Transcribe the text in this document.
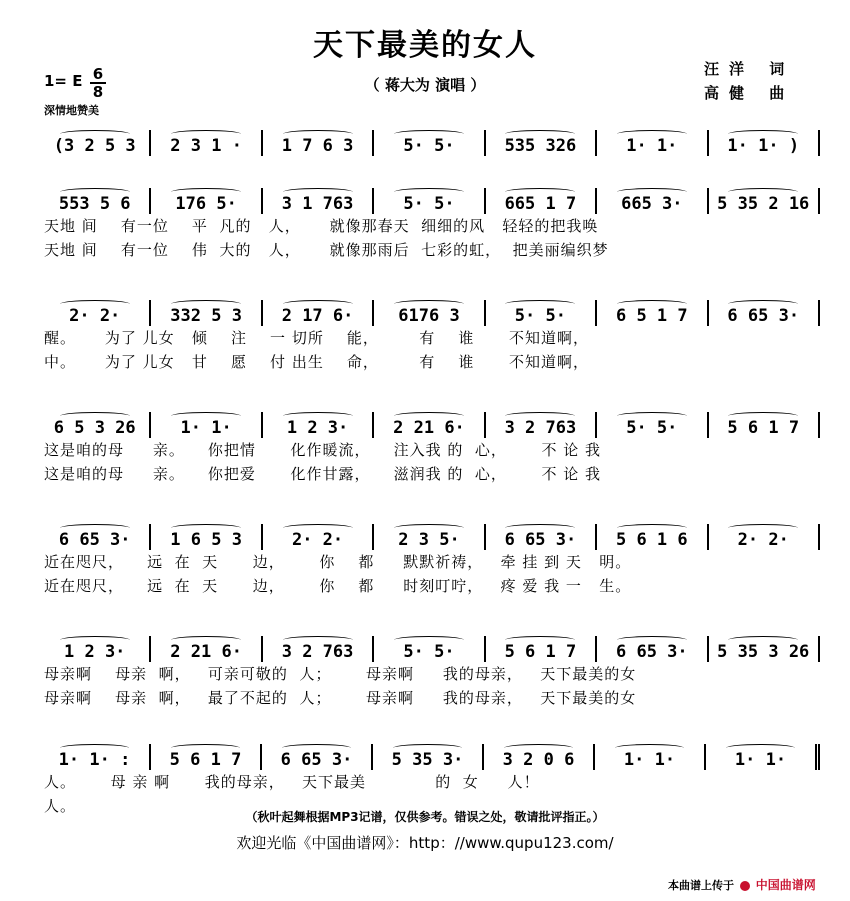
天下最美的女人
（ 蒋大为 演唱 ）
1= E 6
8
深情地赞美
汪洋 词
高健 曲
(3 2 5 3	2 3 1 ·	1 7 6 3	5· 5·	535 326	1· 1·	1· 1· )
553 5 6	176 5·	3 1 763	5· 5·	665 1 7	665 3·	5 35 2 16
天地 间    有一位    平  凡的   人，     就像那春天  细细的风   轻轻的把我唤
天地 间    有一位    伟  大的   人，     就像那雨后  七彩的虹，  把美丽编织梦
2· 2·	332 5 3	2 17 6·	6176 3	5· 5·	6 5 1 7	6 65 3·
醒。     为了 儿女   倾    注    一 切所    能，       有    谁      不知道啊，
中。     为了 儿女   甘    愿    付 出生    命，       有    谁      不知道啊，
6 5 3 26	1· 1·	1 2 3·	2 21 6·	3 2 763	5· 5·	5 6 1 7
这是咱的母     亲。    你把情      化作暖流，    注入我 的  心，      不 论 我
这是咱的母     亲。    你把爱      化作甘露，    滋润我 的  心，      不 论 我
6 65 3·	1 6 5 3	2· 2·	2 3 5·	6 65 3·	5 6 1 6	2· 2·
近在咫尺，    远  在  天      边，      你    都     默默祈祷，   牵 挂 到 天   明。
近在咫尺，    远  在  天      边，      你    都     时刻叮咛，   疼 爱 我 一   生。
1 2 3·	2 21 6·	3 2 763	5· 5·	5 6 1 7	6 65 3·	5 35 3 26
母亲啊    母亲  啊，   可亲可敬的  人；      母亲啊     我的母亲，   天下最美的女
母亲啊    母亲  啊，   最了不起的  人；      母亲啊     我的母亲，   天下最美的女
1· 1· :	5 6 1 7	6 65 3·	5 35 3·	3 2 0 6	1· 1·	1· 1·
人。      母 亲 啊      我的母亲，   天下最美            的  女     人！
人。
（秋叶起舞根据MP3记谱，仅供参考。错误之处，敬请批评指正。）
欢迎光临《中国曲谱网》：http：//www.qupu123.com/
本曲谱上传于 中国曲谱网
